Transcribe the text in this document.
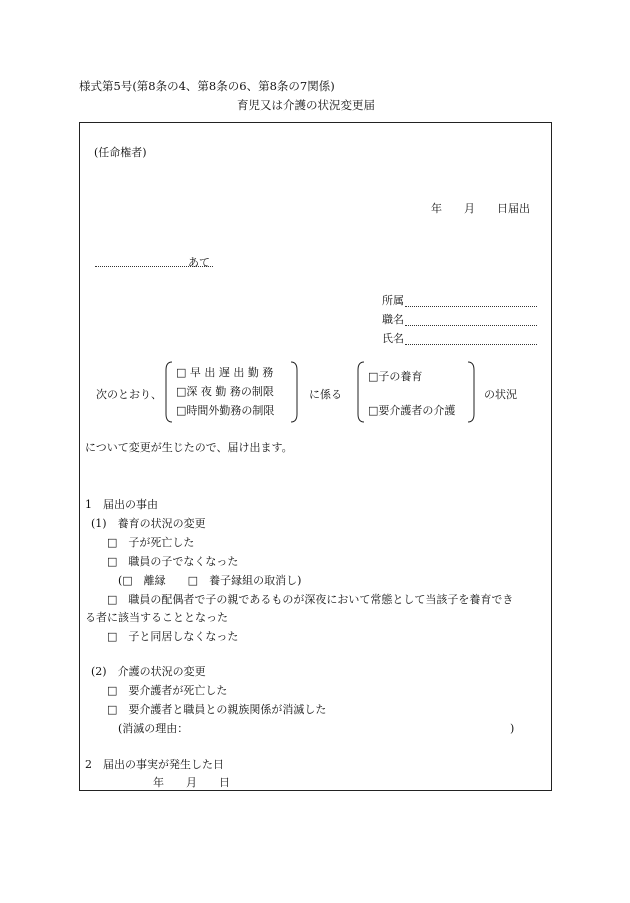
様式第5号(第8条の4、第8条の6、第8条の7関係)
育児又は介護の状況変更届
(任命権者)
年　　月　　日届出
あて
所属
職名
氏名
次のとおり、
□ 早 出 遅 出 勤 務
□深 夜 勤 務の制限
□時間外勤務の制限
に係る
□子の養育
□要介護者の介護
の状況
について変更が生じたので、届け出ます。
1　届出の事由
(1)　養育の状況の変更
□　子が死亡した
□　職員の子でなくなった
(□　離縁　　□　養子縁組の取消し)
□　職員の配偶者で子の親であるものが深夜において常態として当該子を養育でき
る者に該当することとなった
□　子と同居しなくなった
(2)　介護の状況の変更
□　要介護者が死亡した
□　要介護者と職員との親族関係が消滅した
(消滅の理由：	)
2　届出の事実が発生した日
年　　月　　日
